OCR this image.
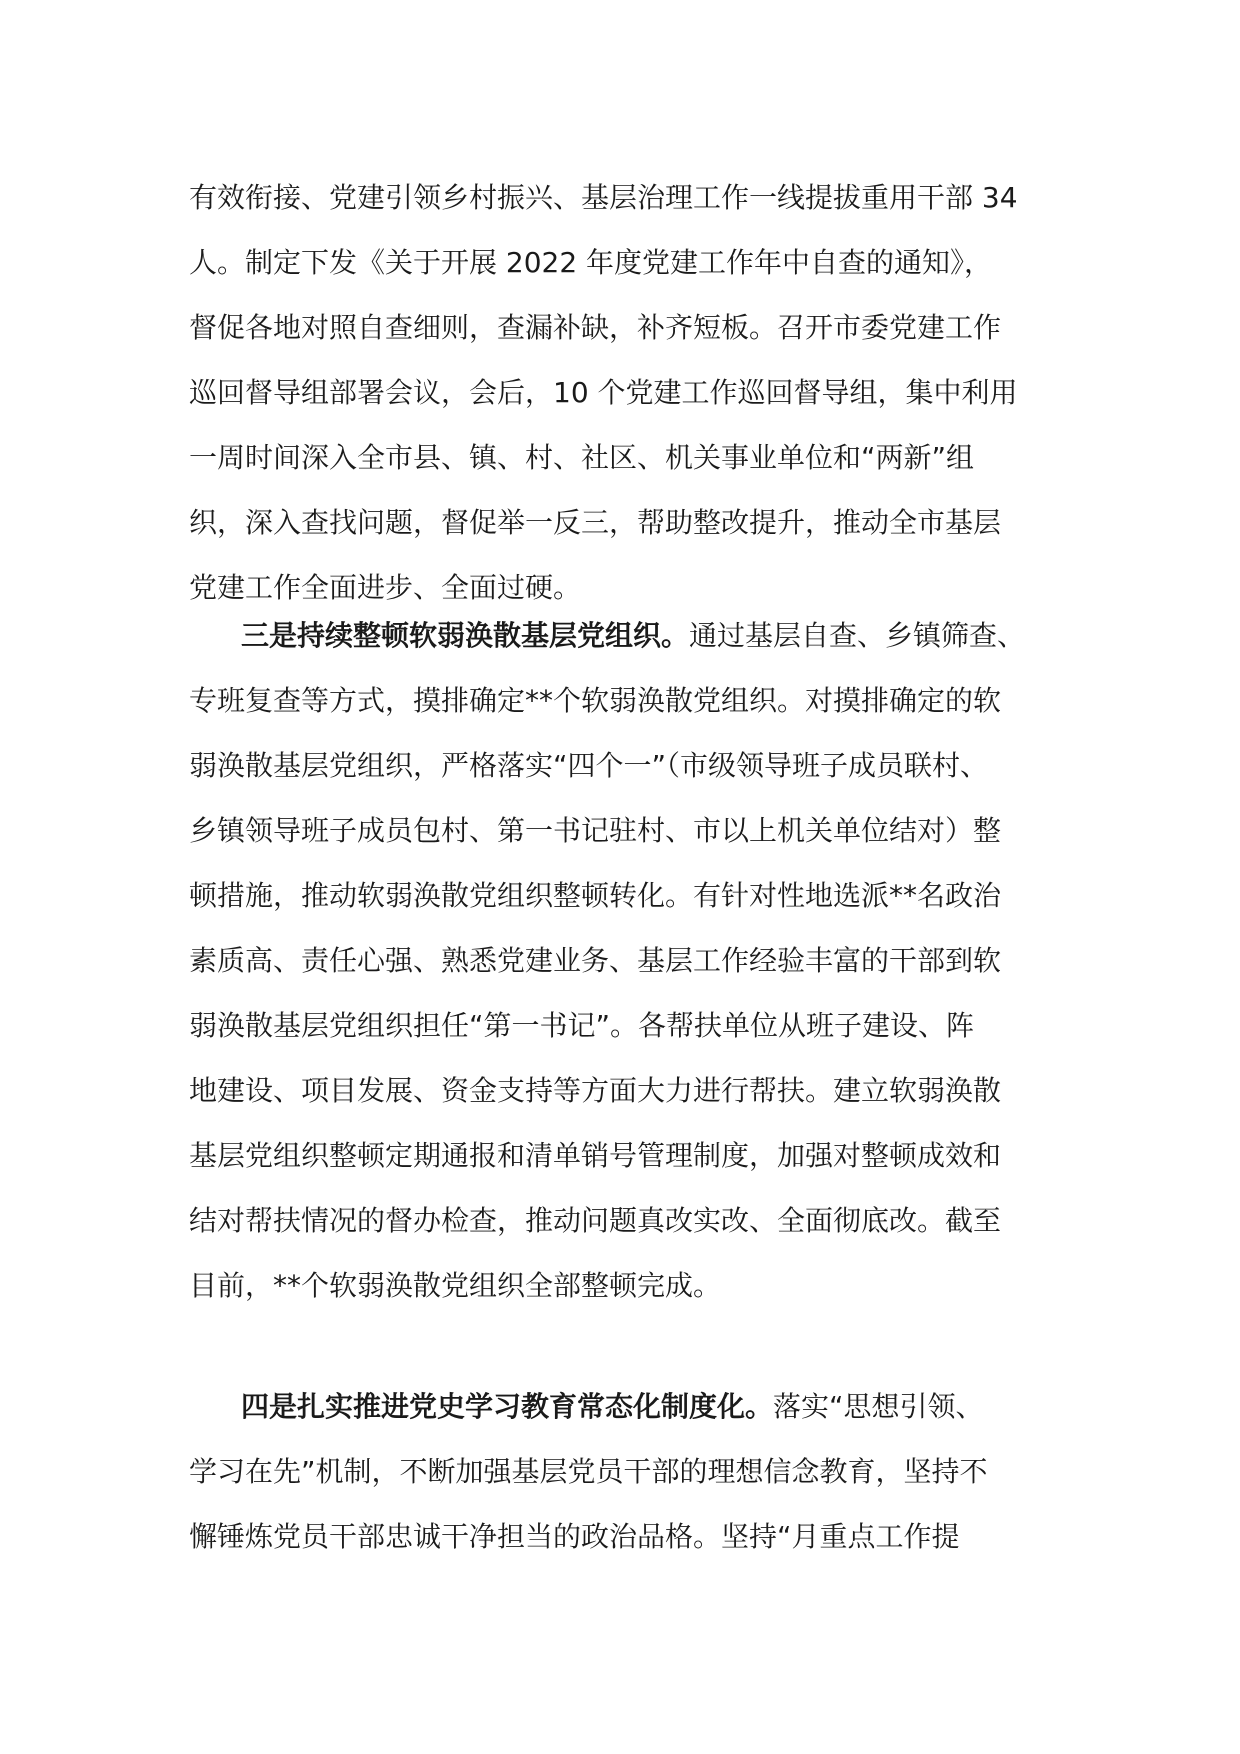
有效衔接、党建引领乡村振兴、基层治理工作一线提拔重用干部 34
人。制定下发《关于开展 2022 年度党建工作年中自查的通知》，
督促各地对照自查细则，查漏补缺，补齐短板。召开市委党建工作
巡回督导组部署会议，会后，10 个党建工作巡回督导组，集中利用
一周时间深入全市县、镇、村、社区、机关事业单位和“两新”组
织，深入查找问题，督促举一反三，帮助整改提升，推动全市基层
党建工作全面进步、全面过硬。
三是持续整顿软弱涣散基层党组织。通过基层自查、乡镇筛查、
专班复查等方式，摸排确定**个软弱涣散党组织。对摸排确定的软
弱涣散基层党组织，严格落实“四个一”（市级领导班子成员联村、
乡镇领导班子成员包村、第一书记驻村、市以上机关单位结对）整
顿措施，推动软弱涣散党组织整顿转化。有针对性地选派**名政治
素质高、责任心强、熟悉党建业务、基层工作经验丰富的干部到软
弱涣散基层党组织担任“第一书记”。各帮扶单位从班子建设、阵
地建设、项目发展、资金支持等方面大力进行帮扶。建立软弱涣散
基层党组织整顿定期通报和清单销号管理制度，加强对整顿成效和
结对帮扶情况的督办检查，推动问题真改实改、全面彻底改。截至
目前，**个软弱涣散党组织全部整顿完成。
四是扎实推进党史学习教育常态化制度化。落实“思想引领、
学习在先”机制，不断加强基层党员干部的理想信念教育，坚持不
懈锤炼党员干部忠诚干净担当的政治品格。坚持“月重点工作提
